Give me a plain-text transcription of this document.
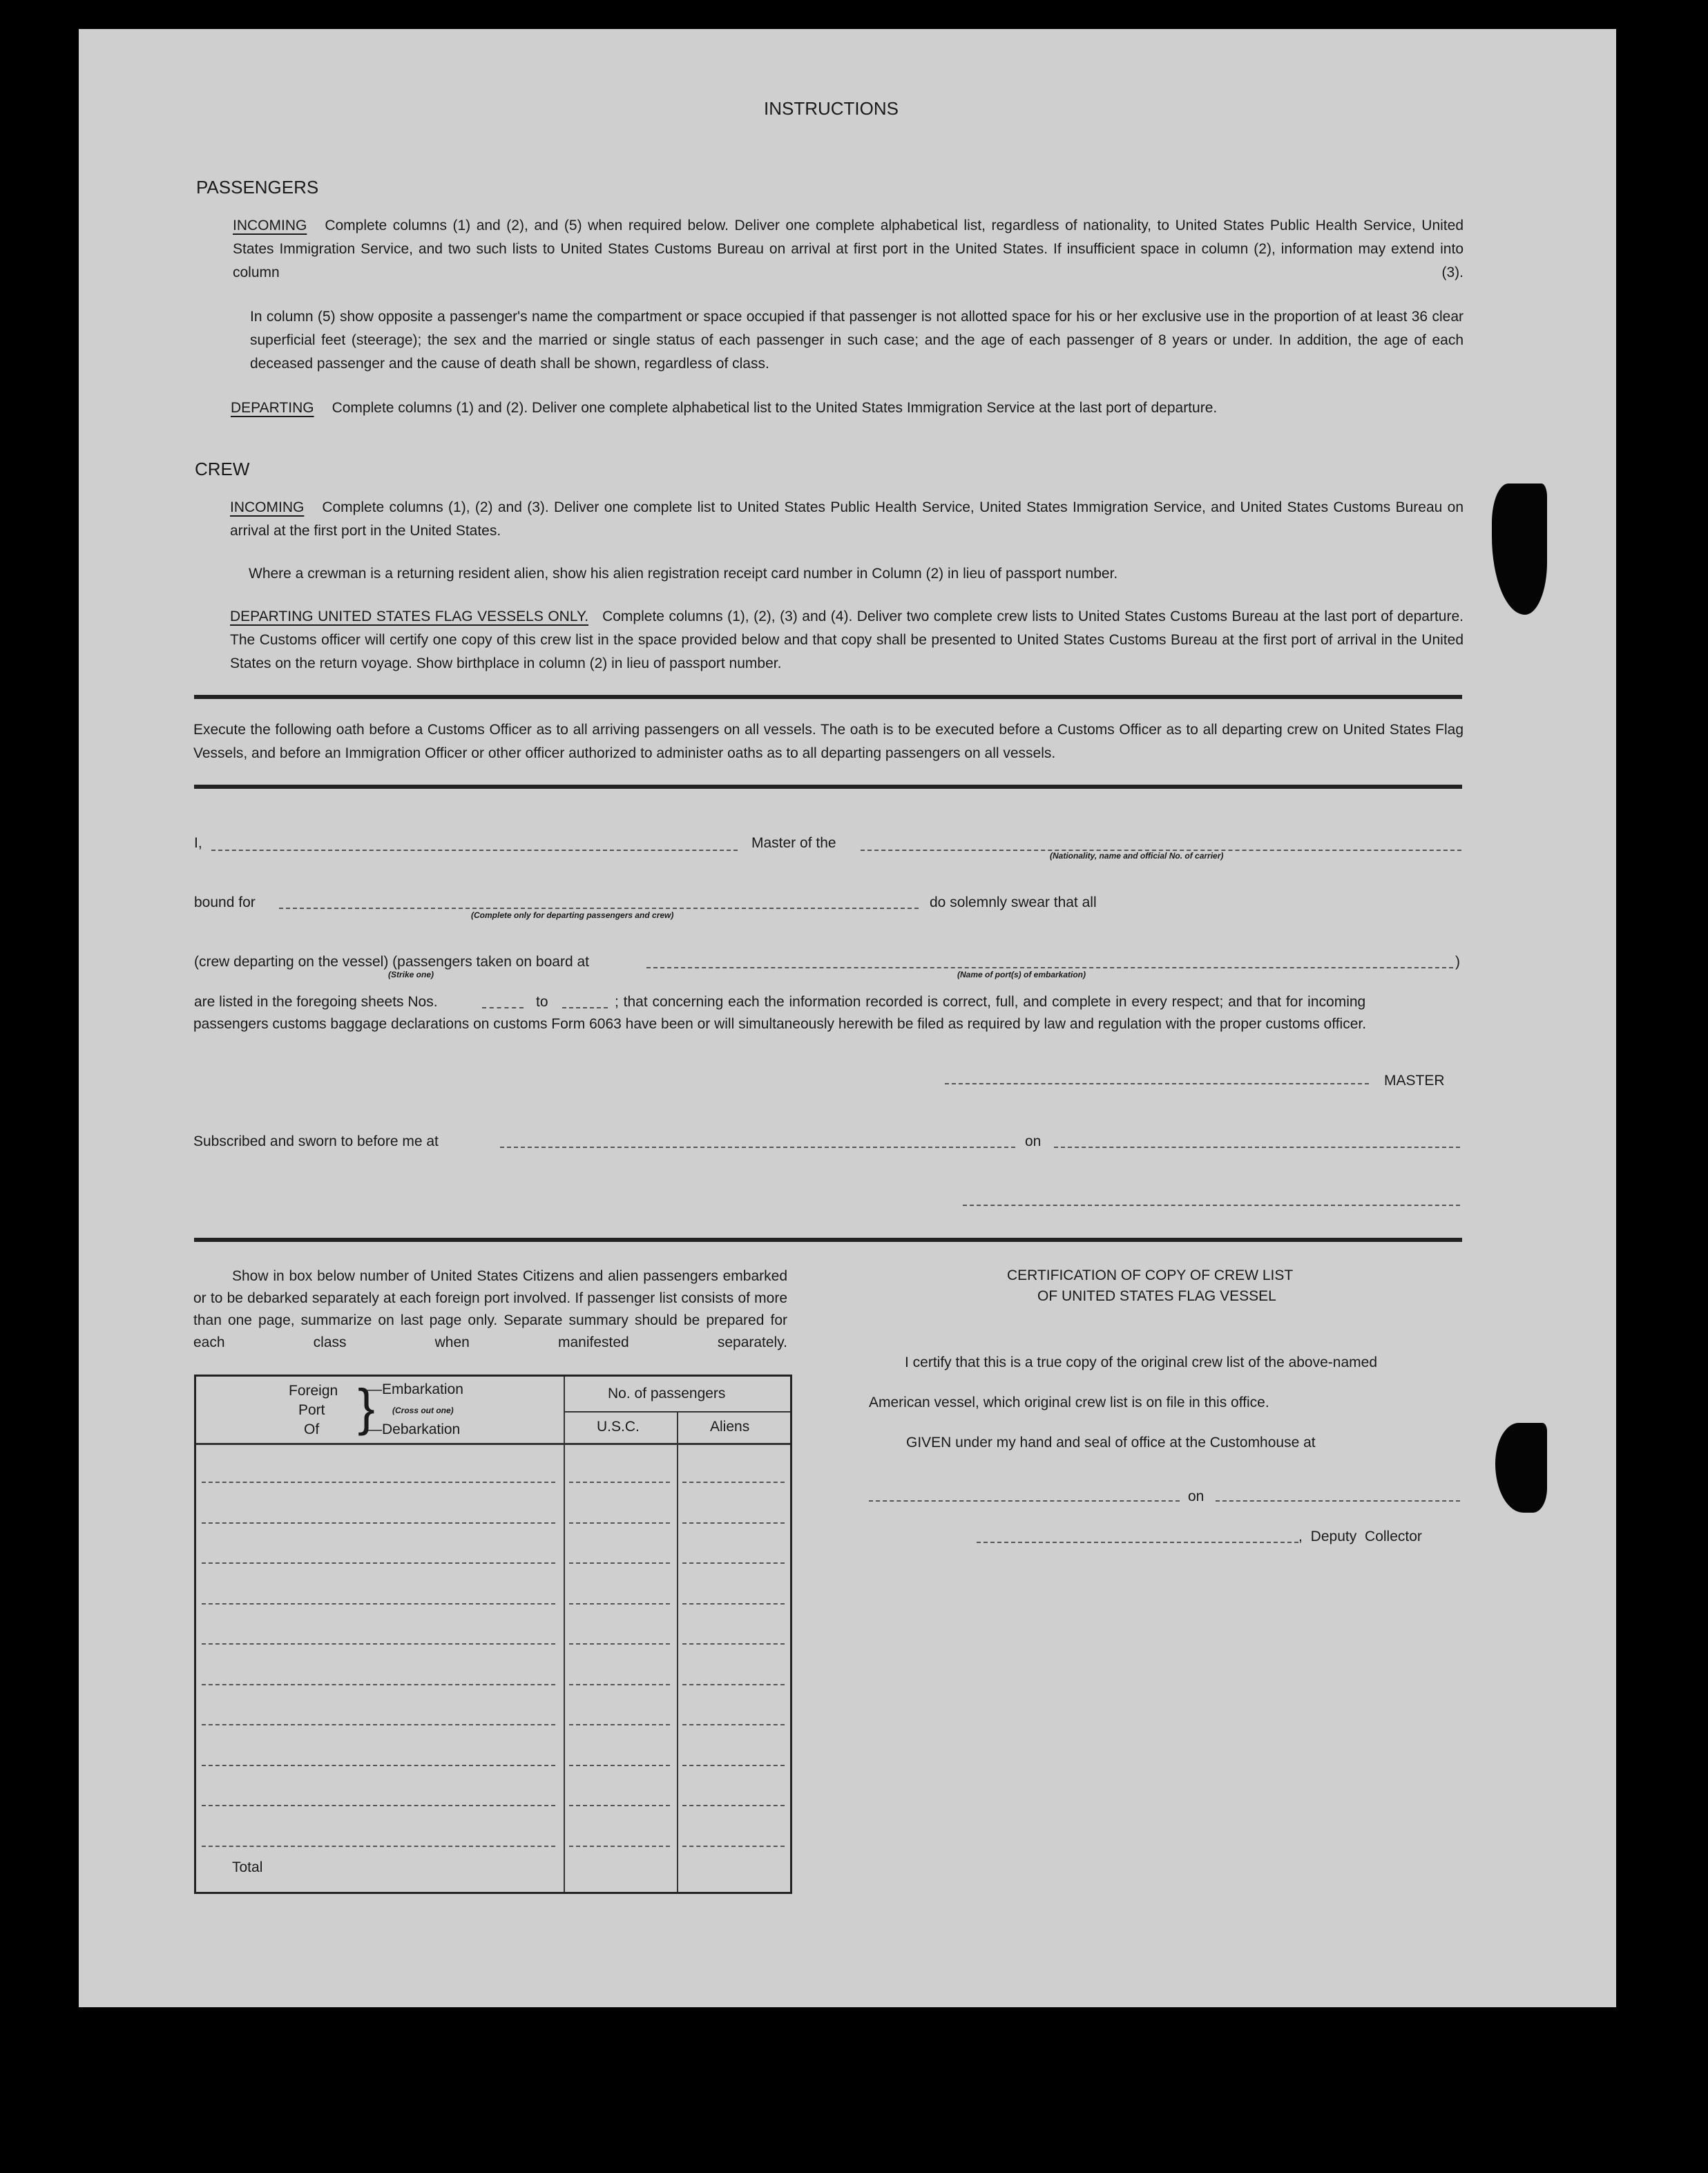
INSTRUCTIONS
PASSENGERS
INCOMING Complete columns (1) and (2), and (5) when required below. Deliver one complete alphabetical list, regardless of nationality, to United States Public Health Service, United States Immigration Service, and two such lists to United States Customs Bureau on arrival at first port in the United States. If insufficient space in column (2), information may extend into column (3).
In column (5) show opposite a passenger's name the compartment or space occupied if that passenger is not allotted space for his or her exclusive use in the proportion of at least 36 clear superficial feet (steerage); the sex and the married or single status of each passenger in such case; and the age of each passenger of 8 years or under. In addition, the age of each deceased passenger and the cause of death shall be shown, regardless of class.
DEPARTING Complete columns (1) and (2). Deliver one complete alphabetical list to the United States Immigration Service at the last port of departure.
CREW
INCOMING Complete columns (1), (2) and (3). Deliver one complete list to United States Public Health Service, United States Immigration Service, and United States Customs Bureau on arrival at the first port in the United States.
Where a crewman is a returning resident alien, show his alien registration receipt card number in Column (2) in lieu of passport number.
DEPARTING UNITED STATES FLAG VESSELS ONLY. Complete columns (1), (2), (3) and (4). Deliver two complete crew lists to United States Customs Bureau at the last port of departure. The Customs officer will certify one copy of this crew list in the space provided below and that copy shall be presented to United States Customs Bureau at the first port of arrival in the United States on the return voyage. Show birthplace in column (2) in lieu of passport number.
Execute the following oath before a Customs Officer as to all arriving passengers on all vessels. The oath is to be executed before a Customs Officer as to all departing crew on United States Flag Vessels, and before an Immigration Officer or other officer authorized to administer oaths as to all departing passengers on all vessels.
I,	Master of the
(Nationality, name and official No. of carrier)
bound for
(Complete only for departing passengers and crew)
do solemnly swear that all
(crew departing on the vessel) (passengers taken on board at	)
(Strike one)	(Name of port(s) of embarkation)
are listed in the foregoing sheets Nos.	to	; that concerning each the information recorded is correct, full, and complete in every respect; and that for incoming
passengers customs baggage declarations on customs Form 6063 have been or will simultaneously herewith be filed as required by law and regulation with the proper customs officer.
MASTER
Subscribed and sworn to before me at	on
Show in box below number of United States Citizens and alien passengers embarked or to be debarked separately at each foreign port involved. If passenger list consists of more than one page, summarize on last page only. Separate summary should be prepared for each class when manifested separately.
Foreign
Port
Of }
—Embarkation
(Cross out one)
—Debarkation
No. of passengers
U.S.C.	Aliens
Total
CERTIFICATION OF COPY OF CREW LIST
OF UNITED STATES FLAG VESSEL
I certify that this is a true copy of the original crew list of the above-named
American vessel, which original crew list is on file in this office.
GIVEN under my hand and seal of office at the Customhouse at
on
, Deputy Collector
